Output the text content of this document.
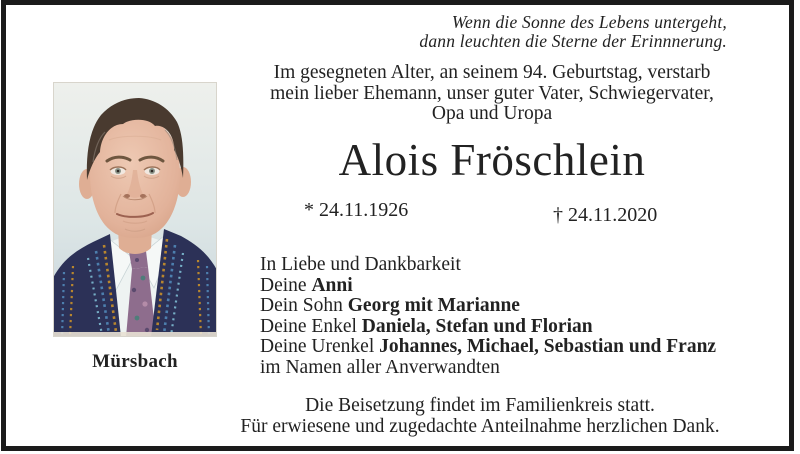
Wenn die Sonne des Lebens untergeht,
dann leuchten die Sterne der Erinnnerung.
Mürsbach
Im gesegneten Alter, an seinem 94. Geburtstag, verstarb
mein lieber Ehemann, unser guter Vater, Schwiegervater,
Opa und Uropa
Alois Fröschlein
* 24.11.1926	† 24.11.2020
In Liebe und Dankbarkeit
Deine Anni
Dein Sohn Georg mit Marianne
Deine Enkel Daniela, Stefan und Florian
Deine Urenkel Johannes, Michael, Sebastian und Franz
im Namen aller Anverwandten
Die Beisetzung findet im Familienkreis statt.
Für erwiesene und zugedachte Anteilnahme herzlichen Dank.
